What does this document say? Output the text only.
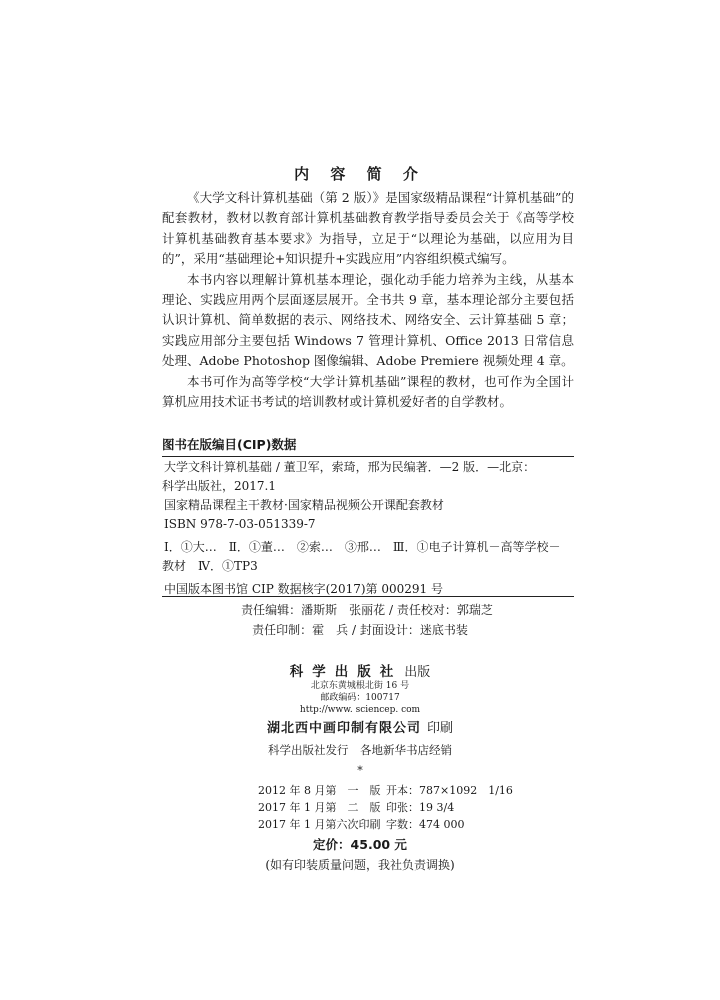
内 容 简 介

《大学文科计算机基础（第 2 版）》是国家级精品课程“计算机基础”的配套教材，教材以教育部计算机基础教育教学指导委员会关于《高等学校计算机基础教育基本要求》为指导，立足于“以理论为基础，以应用为目的”，采用“基础理论+知识提升+实践应用”内容组织模式编写。

本书内容以理解计算机基本理论，强化动手能力培养为主线，从基本理论、实践应用两个层面逐层展开。全书共 9 章，基本理论部分主要包括认识计算机、简单数据的表示、网络技术、网络安全、云计算基础 5 章；实践应用部分主要包括 Windows 7 管理计算机、Office 2013 日常信息处理、Adobe Photoshop 图像编辑、Adobe Premiere 视频处理 4 章。

本书可作为高等学校“大学计算机基础”课程的教材，也可作为全国计算机应用技术证书考试的培训教材或计算机爱好者的自学教材。

图书在版编目(CIP)数据
大学文科计算机基础 / 董卫军，索琦，邢为民编著．—2 版．—北京：
科学出版社，2017.1
国家精品课程主干教材·国家精品视频公开课配套教材
ISBN 978-7-03-051339-7
Ⅰ．①大…　Ⅱ．①董…　②索…　③邢…　Ⅲ．①电子计算机－高等学校－
教材　Ⅳ．①TP3
中国版本图书馆 CIP 数据核字(2017)第 000291 号
责任编辑：潘斯斯　张丽花 / 责任校对：郭瑞芝
责任印制：霍　兵 / 封面设计：迷底书装
科学出版社 出版
北京东黄城根北街 16 号
邮政编码：100717
http://www. sciencep. com
湖北西中画印制有限公司 印刷
科学出版社发行　各地新华书店经销
*
2012 年 8 月第　一　版 开本：787×1092　1/16
2017 年 1 月第　二　版 印张：19 3/4
2017 年 1 月第六次印刷 字数：474 000
定价：45.00 元
(如有印装质量问题，我社负责调换)
